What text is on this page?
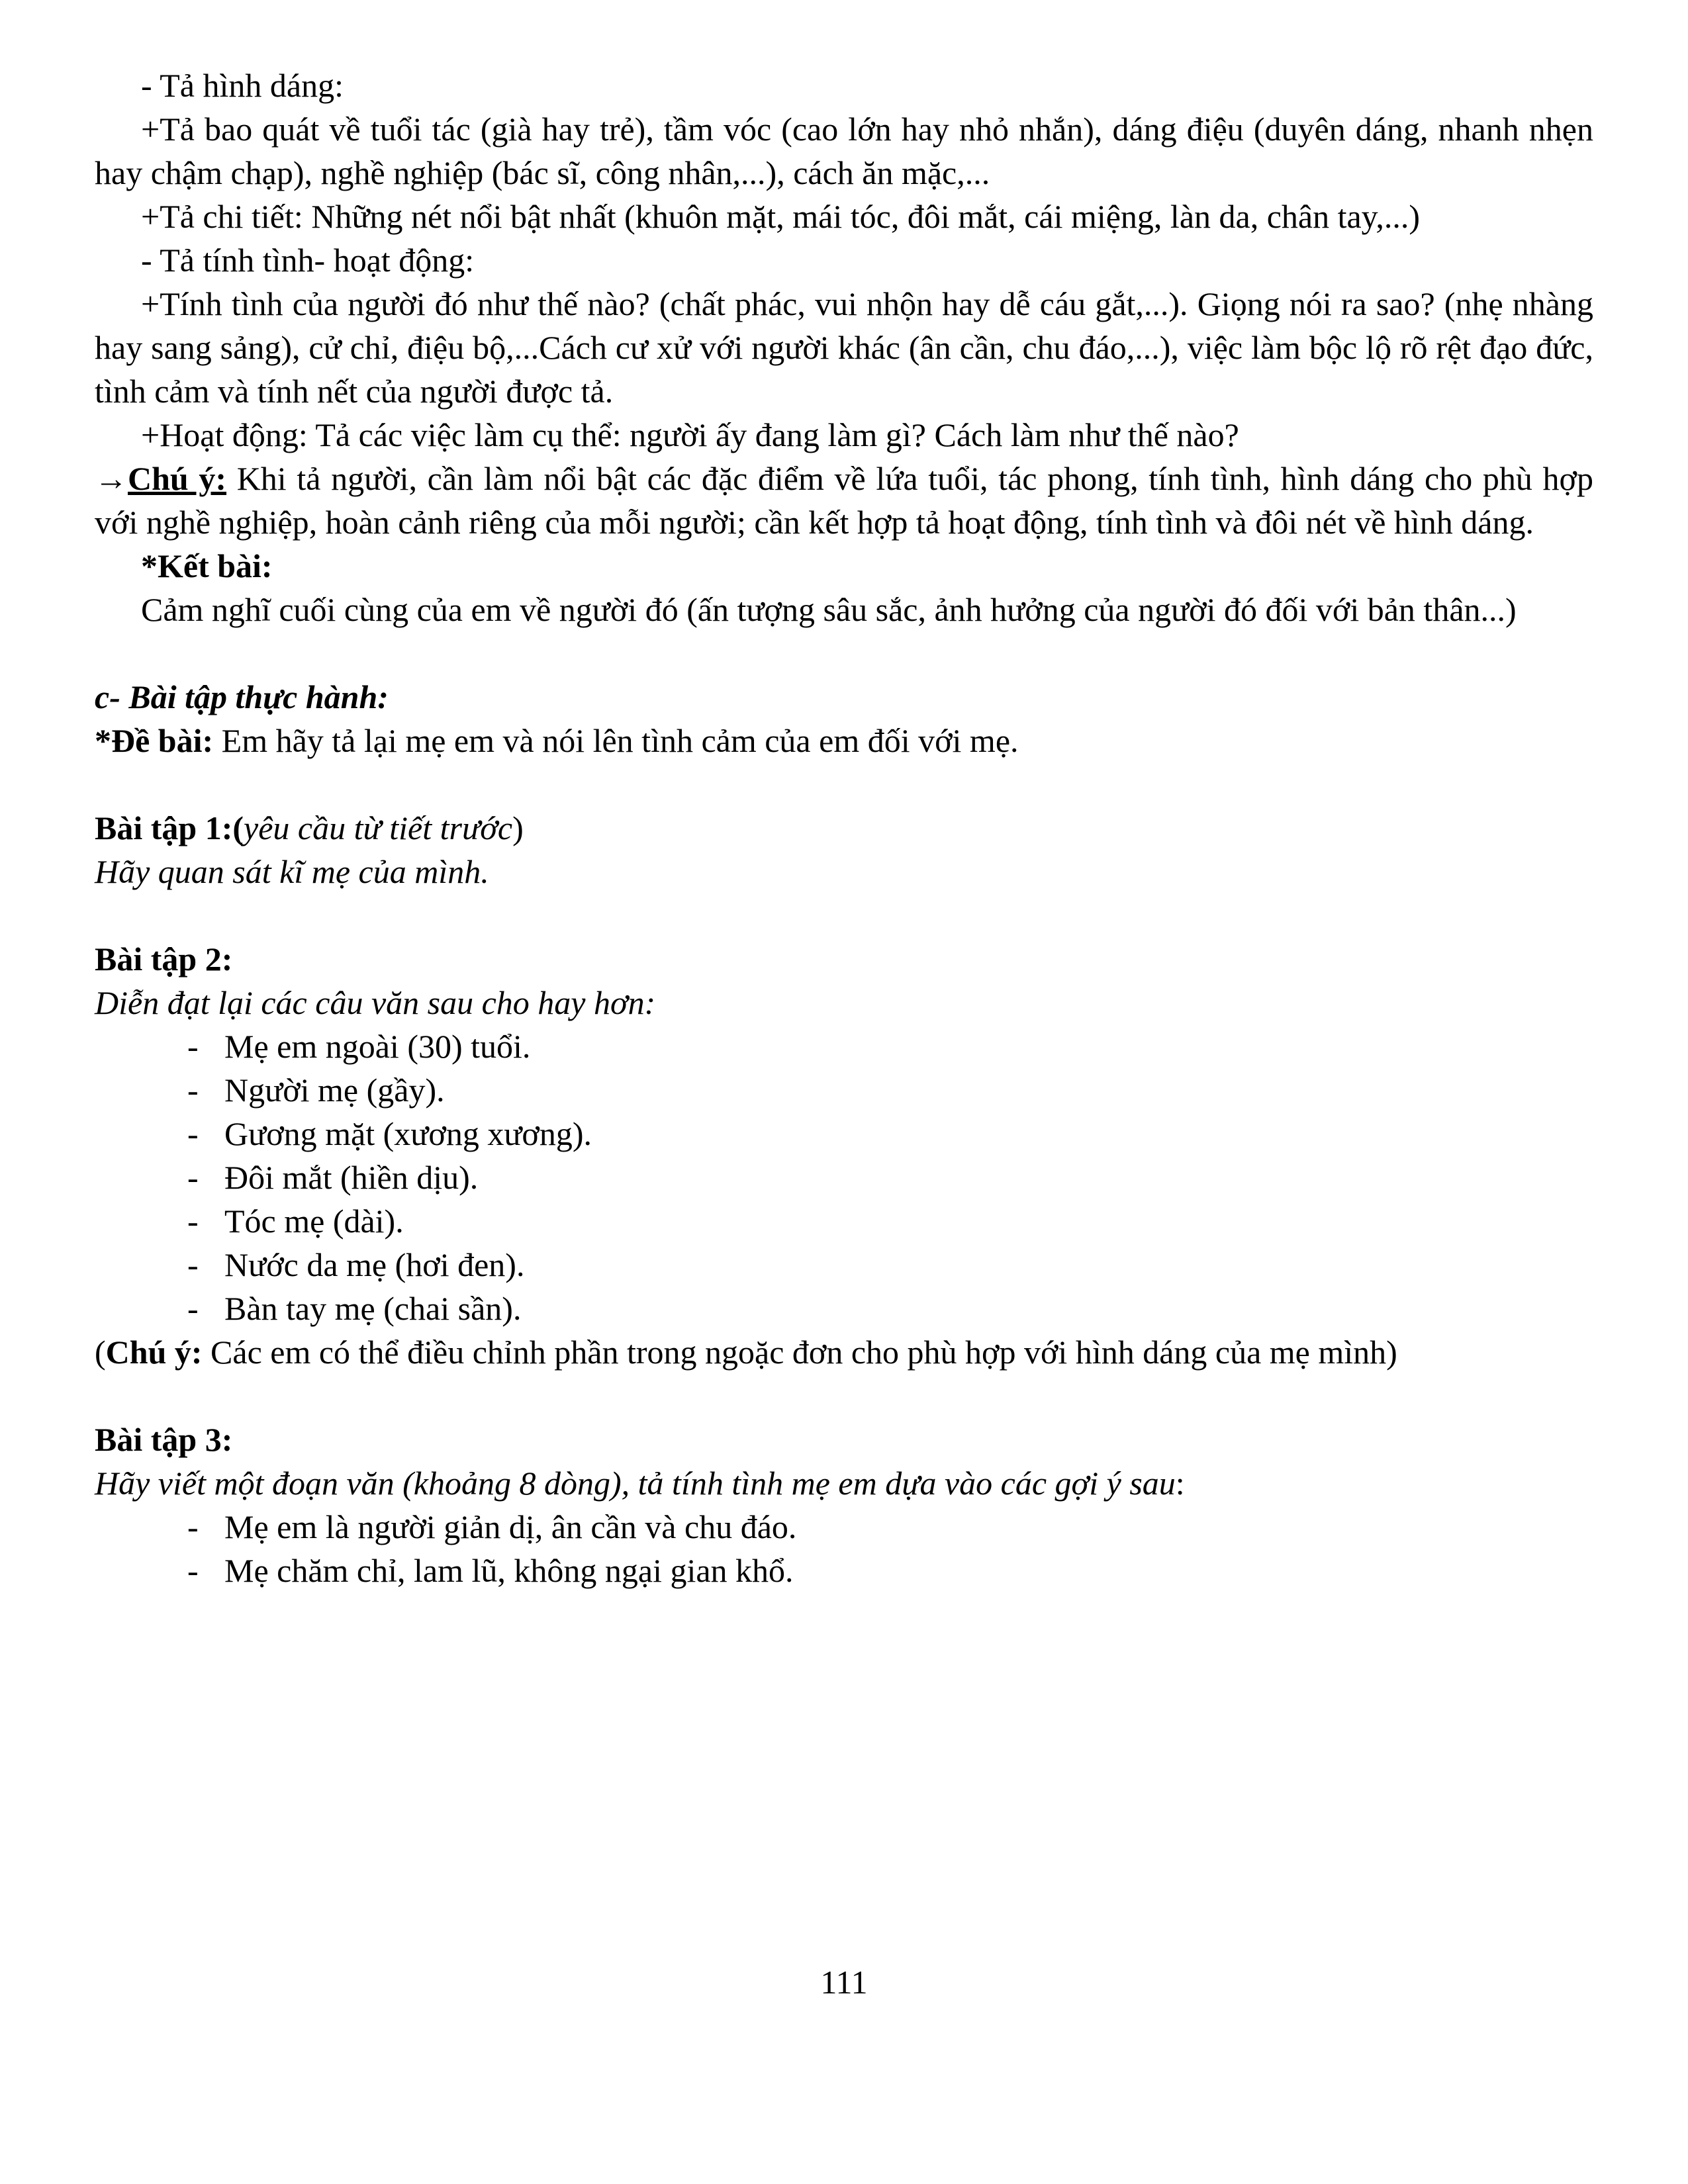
- Tả hình dáng:
+Tả bao quát về tuổi tác (già hay trẻ), tầm vóc (cao lớn hay nhỏ nhắn), dáng điệu (duyên dáng, nhanh nhẹn hay chậm chạp), nghề nghiệp (bác sĩ, công nhân,...), cách ăn mặc,...
+Tả chi tiết: Những nét nổi bật nhất (khuôn mặt, mái tóc, đôi mắt, cái miệng, làn da, chân tay,...)
- Tả tính tình- hoạt động:
+Tính tình của người đó như thế nào? (chất phác, vui nhộn hay dễ cáu gắt,...). Giọng nói ra sao? (nhẹ nhàng hay sang sảng), cử chỉ, điệu bộ,...Cách cư xử với người khác (ân cần, chu đáo,...), việc làm bộc lộ rõ rệt đạo đức, tình cảm và tính nết của người được tả.
+Hoạt động: Tả các việc làm cụ thể: người ấy đang làm gì? Cách làm như thế nào?
→Chú ý: Khi tả người, cần làm nổi bật các đặc điểm về lứa tuổi, tác phong, tính tình, hình dáng cho phù hợp với nghề nghiệp, hoàn cảnh riêng của mỗi người; cần kết hợp tả hoạt động, tính tình và đôi nét về hình dáng.
*Kết bài:
Cảm nghĩ cuối cùng của em về người đó (ấn tượng sâu sắc, ảnh hưởng của người đó đối với bản thân...)
c- Bài tập thực hành:
*Đề bài: Em hãy tả lại mẹ em và nói lên tình cảm của em đối với mẹ.
Bài tập 1:(yêu cầu từ tiết trước)
Hãy quan sát kĩ mẹ của mình.
Bài tập 2:
Diễn đạt lại các câu văn sau cho hay hơn:
- Mẹ em ngoài (30) tuổi.
- Người mẹ (gầy).
- Gương mặt (xương xương).
- Đôi mắt (hiền dịu).
- Tóc mẹ (dài).
- Nước da mẹ (hơi đen).
- Bàn tay mẹ (chai sần).
(Chú ý: Các em có thể điều chỉnh phần trong ngoặc đơn cho phù hợp với hình dáng của mẹ mình)
Bài tập 3:
Hãy viết một đoạn văn (khoảng 8 dòng), tả tính tình mẹ em dựa vào các gợi ý sau:
- Mẹ em là người giản dị, ân cần và chu đáo.
- Mẹ chăm chỉ, lam lũ, không ngại gian khổ.
111
